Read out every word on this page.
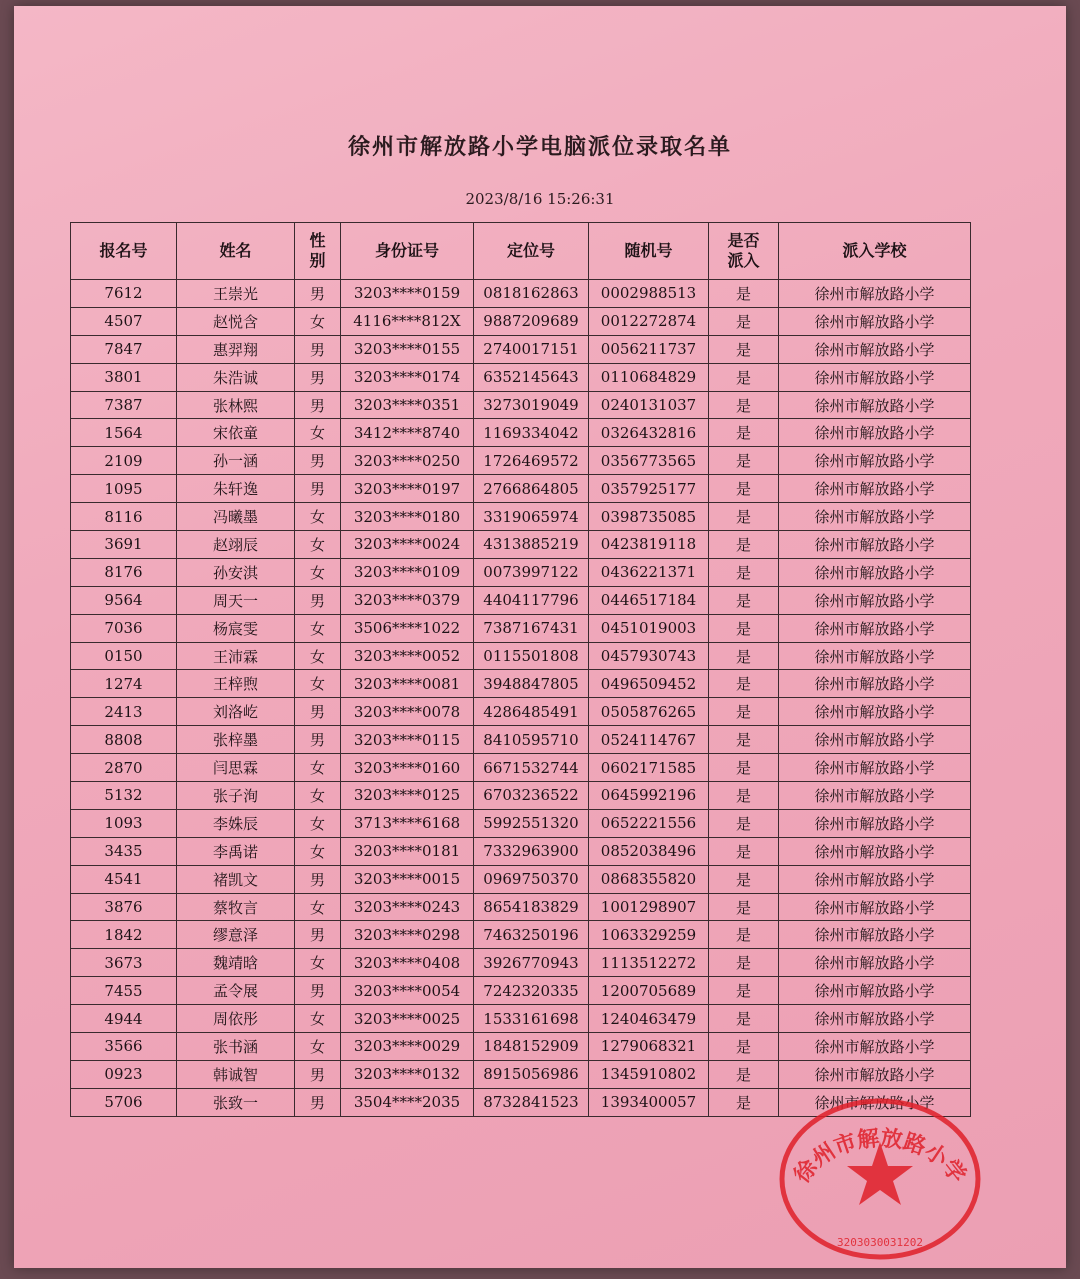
徐州市解放路小学电脑派位录取名单
2023/8/16 15:26:31
报名号	姓名	性别	身份证号	定位号	随机号	是否派入	派入学校
7612	王崇光	男	3203****0159	0818162863	0002988513	是	徐州市解放路小学
4507	赵悦含	女	4116****812X	9887209689	0012272874	是	徐州市解放路小学
7847	惠羿翔	男	3203****0155	2740017151	0056211737	是	徐州市解放路小学
3801	朱浩诚	男	3203****0174	6352145643	0110684829	是	徐州市解放路小学
7387	张林熙	男	3203****0351	3273019049	0240131037	是	徐州市解放路小学
1564	宋依童	女	3412****8740	1169334042	0326432816	是	徐州市解放路小学
2109	孙一涵	男	3203****0250	1726469572	0356773565	是	徐州市解放路小学
1095	朱轩逸	男	3203****0197	2766864805	0357925177	是	徐州市解放路小学
8116	冯曦墨	女	3203****0180	3319065974	0398735085	是	徐州市解放路小学
3691	赵翊辰	女	3203****0024	4313885219	0423819118	是	徐州市解放路小学
8176	孙安淇	女	3203****0109	0073997122	0436221371	是	徐州市解放路小学
9564	周天一	男	3203****0379	4404117796	0446517184	是	徐州市解放路小学
7036	杨宸雯	女	3506****1022	7387167431	0451019003	是	徐州市解放路小学
0150	王沛霖	女	3203****0052	0115501808	0457930743	是	徐州市解放路小学
1274	王梓煦	女	3203****0081	3948847805	0496509452	是	徐州市解放路小学
2413	刘洛屹	男	3203****0078	4286485491	0505876265	是	徐州市解放路小学
8808	张梓墨	男	3203****0115	8410595710	0524114767	是	徐州市解放路小学
2870	闫思霖	女	3203****0160	6671532744	0602171585	是	徐州市解放路小学
5132	张子洵	女	3203****0125	6703236522	0645992196	是	徐州市解放路小学
1093	李姝辰	女	3713****6168	5992551320	0652221556	是	徐州市解放路小学
3435	李禹诺	女	3203****0181	7332963900	0852038496	是	徐州市解放路小学
4541	褚凯文	男	3203****0015	0969750370	0868355820	是	徐州市解放路小学
3876	蔡牧言	女	3203****0243	8654183829	1001298907	是	徐州市解放路小学
1842	缪意泽	男	3203****0298	7463250196	1063329259	是	徐州市解放路小学
3673	魏靖晗	女	3203****0408	3926770943	1113512272	是	徐州市解放路小学
7455	孟令展	男	3203****0054	7242320335	1200705689	是	徐州市解放路小学
4944	周依彤	女	3203****0025	1533161698	1240463479	是	徐州市解放路小学
3566	张书涵	女	3203****0029	1848152909	1279068321	是	徐州市解放路小学
0923	韩诚智	男	3203****0132	8915056986	1345910802	是	徐州市解放路小学
5706	张致一	男	3504****2035	8732841523	1393400057	是	徐州市解放路小学
徐州市解放路小学
3203030031202
